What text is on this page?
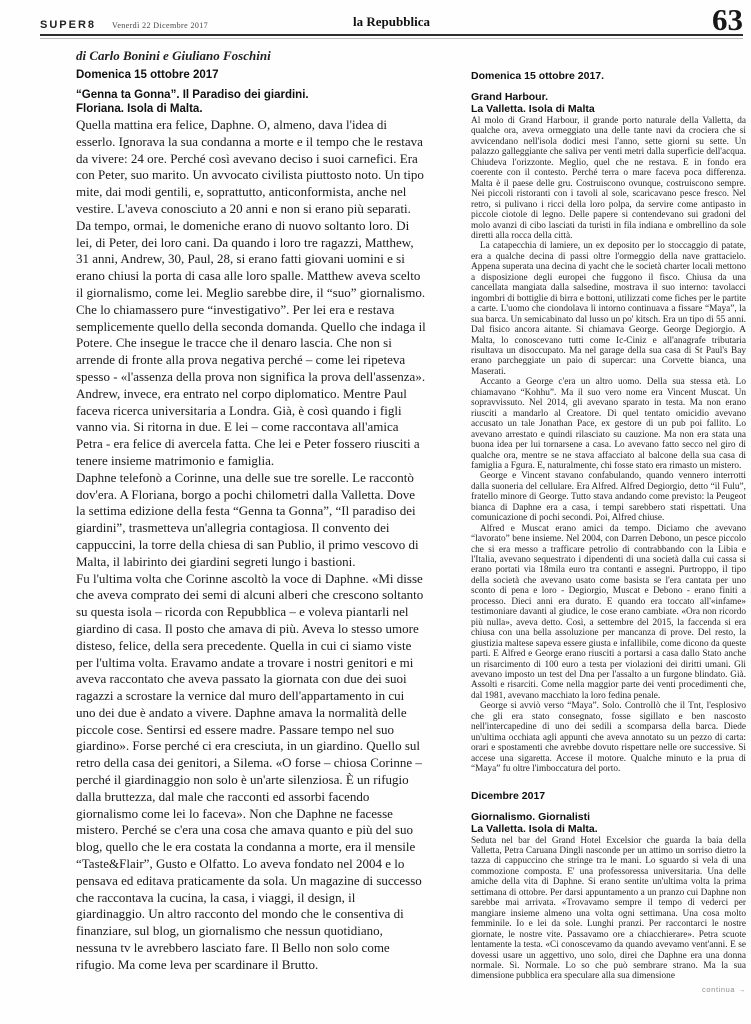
SUPER8 Venerdì 22 Dicembre 2017	la Repubblica	63
di Carlo Bonini e Giuliano Foschini
Domenica 15 ottobre 2017
“Genna ta Gonna”. Il Paradiso dei giardini.
Floriana. Isola di Malta.

Quella mattina era felice, Daphne. O, almeno, dava l'idea di esserlo. Ignorava la sua condanna a morte e il tempo che le restava da vivere: 24 ore. Perché così avevano deciso i suoi carnefici. Era con Peter, suo marito. Un avvocato civilista piuttosto noto. Un tipo mite, dai modi gentili, e, soprattutto, anticonformista, anche nel vestire. L'aveva conosciuto a 20 anni e non si erano più separati. Da tempo, ormai, le domeniche erano di nuovo soltanto loro. Di lei, di Peter, dei loro cani. Da quando i loro tre ragazzi, Matthew, 31 anni, Andrew, 30, Paul, 28, si erano fatti giovani uomini e si erano chiusi la porta di casa alle loro spalle. Matthew aveva scelto il giornalismo, come lei. Meglio sarebbe dire, il “suo” giornalismo. Che lo chiamassero pure “investigativo”. Per lei era e restava semplicemente quello della seconda domanda. Quello che indaga il Potere. Che insegue le tracce che il denaro lascia. Che non si arrende di fronte alla prova negativa perché – come lei ripeteva spesso - «l'assenza della prova non significa la prova dell'assenza». Andrew, invece, era entrato nel corpo diplomatico. Mentre Paul faceva ricerca universitaria a Londra. Già, è così quando i figli vanno via. Si ritorna in due. E lei – come raccontava all'amica Petra - era felice di avercela fatta. Che lei e Peter fossero riusciti a tenere insieme matrimonio e famiglia.

Daphne telefonò a Corinne, una delle sue tre sorelle. Le raccontò dov'era. A Floriana, borgo a pochi chilometri dalla Valletta. Dove la settima edizione della festa “Genna ta Gonna”, “Il paradiso dei giardini”, trasmetteva un'allegria contagiosa. Il convento dei cappuccini, la torre della chiesa di san Publio, il primo vescovo di Malta, il labirinto dei giardini segreti lungo i bastioni.

Fu l'ultima volta che Corinne ascoltò la voce di Daphne. «Mi disse che aveva comprato dei semi di alcuni alberi che crescono soltanto su questa isola – ricorda con Repubblica – e voleva piantarli nel giardino di casa. Il posto che amava di più. Aveva lo stesso umore disteso, felice, della sera precedente. Quella in cui ci siamo viste per l'ultima volta. Eravamo andate a trovare i nostri genitori e mi aveva raccontato che aveva passato la giornata con due dei suoi ragazzi a scrostare la vernice dal muro dell'appartamento in cui uno dei due è andato a vivere. Daphne amava la normalità delle piccole cose. Sentirsi ed essere madre. Passare tempo nel suo giardino». Forse perché ci era cresciuta, in un giardino. Quello sul retro della casa dei genitori, a Silema. «O forse – chiosa Corinne – perché il giardinaggio non solo è un'arte silenziosa. È un rifugio dalla bruttezza, dal male che racconti ed assorbi facendo giornalismo come lei lo faceva». Non che Daphne ne facesse mistero. Perché se c'era una cosa che amava quanto e più del suo blog, quello che le era costata la condanna a morte, era il mensile “Taste&Flair”, Gusto e Olfatto. Lo aveva fondato nel 2004 e lo pensava ed editava praticamente da sola. Un magazine di successo che raccontava la cucina, la casa, i viaggi, il design, il giardinaggio. Un altro racconto del mondo che le consentiva di finanziare, sul blog, un giornalismo che nessun quotidiano, nessuna tv le avrebbero lasciato fare. Il Bello non solo come rifugio. Ma come leva per scardinare il Brutto.

Domenica 15 ottobre 2017.
Grand Harbour.
La Valletta. Isola di Malta

Al molo di Grand Harbour, il grande porto naturale della Valletta, da qualche ora, aveva ormeggiato una delle tante navi da crociera che si avvicendano nell'isola dodici mesi l'anno, sette giorni su sette. Un palazzo galleggiante che saliva per venti metri dalla superficie dell'acqua. Chiudeva l'orizzonte. Meglio, quel che ne restava. E in fondo era coerente con il contesto. Perché terra o mare faceva poca differenza. Malta è il paese delle gru. Costruiscono ovunque, costruiscono sempre. Nei piccoli ristoranti con i tavoli al sole, scaricavano pesce fresco. Nel retro, si pulivano i ricci della loro polpa, da servire come antipasto in piccole ciotole di legno. Delle papere si contendevano sui gradoni del molo avanzi di cibo lasciati da turisti in fila indiana e ombrellino da sole diretti alla rocca della città.

La catapecchia di lamiere, un ex deposito per lo stoccaggio di patate, era a qualche decina di passi oltre l'ormeggio della nave grattacielo. Appena superata una decina di yacht che le società charter locali mettono a disposizione degli europei che fuggono il fisco. Chiusa da una cancellata mangiata dalla salsedine, mostrava il suo interno: tavolacci ingombri di bottiglie di birra e bottoni, utilizzati come fiches per le partite a carte. L'uomo che ciondolava lì intorno continuava a fissare “Maya”, la sua barca. Un semicabinato dal lusso un po' kitsch. Era un tipo di 55 anni. Dal fisico ancora aitante. Si chiamava George. George Degiorgio. A Malta, lo conoscevano tutti come Ic-Ciniz e all'anagrafe tributaria risultava un disoccupato. Ma nel garage della sua casa di St Paul's Bay erano parcheggiate un paio di supercar: una Corvette bianca, una Maserati.

Accanto a George c'era un altro uomo. Della sua stessa età. Lo chiamavano “Kohhu”. Ma il suo vero nome era Vincent Muscat. Un sopravvissuto. Nel 2014, gli avevano sparato in testa. Ma non erano riusciti a mandarlo al Creatore. Di quel tentato omicidio avevano accusato un tale Jonathan Pace, ex gestore di un pub poi fallito. Lo avevano arrestato e quindi rilasciato su cauzione. Ma non era stata una buona idea per lui tornarsene a casa. Lo avevano fatto secco nel giro di qualche ora, mentre se ne stava affacciato al balcone della sua casa di famiglia a Fgura. E, naturalmente, chi fosse stato era rimasto un mistero.

George e Vincent stavano confabulando, quando vennero interrotti dalla suoneria del cellulare. Era Alfred. Alfred Degiorgio, detto “il Fulu”, fratello minore di George. Tutto stava andando come previsto: la Peugeot bianca di Daphne era a casa, i tempi sarebbero stati rispettati. Una comunicazione di pochi secondi. Poi, Alfred chiuse.

Alfred e Muscat erano amici da tempo. Diciamo che avevano “lavorato” bene insieme. Nel 2004, con Darren Debono, un pesce piccolo che si era messo a trafficare petrolio di contrabbando con la Libia e l'Italia, avevano sequestrato i dipendenti di una società dalla cui cassa si erano portati via 18mila euro tra contanti e assegni. Purtroppo, il tipo della società che avevano usato come basista se l'era cantata per uno sconto di pena e loro - Degiorgio, Muscat e Debono - erano finiti a processo. Dieci anni era durato. E quando era toccato all'«infame» testimoniare davanti al giudice, le cose erano cambiate. «Ora non ricordo più nulla», aveva detto. Così, a settembre del 2015, la faccenda si era chiusa con una bella assoluzione per mancanza di prove. Del resto, la giustizia maltese sapeva essere giusta e infallibile, come dicono da queste parti. E Alfred e George erano riusciti a portarsi a casa dallo Stato anche un risarcimento di 100 euro a testa per violazioni dei diritti umani. Gli avevano imposto un test del Dna per l'assalto a un furgone blindato. Già. Assolti e risarciti. Come nella maggior parte dei venti procedimenti che, dal 1981, avevano macchiato la loro fedina penale.

George si avviò verso “Maya”. Solo. Controllò che il Tnt, l'esplosivo che gli era stato consegnato, fosse sigillato e ben nascosto nell'intercapedine di uno dei sedili a scomparsa della barca. Diede un'ultima occhiata agli appunti che aveva annotato su un pezzo di carta: orari e spostamenti che avrebbe dovuto rispettare nelle ore successive. Si accese una sigaretta. Accese il motore. Qualche minuto e la prua di “Maya” fu oltre l'imboccatura del porto.

Dicembre 2017
Giornalismo. Giornalisti
La Valletta. Isola di Malta.

Seduta nel bar del Grand Hotel Excelsior che guarda la baia della Valletta, Petra Caruana Dingli nasconde per un attimo un sorriso dietro la tazza di cappuccino che stringe tra le mani. Lo sguardo si vela di una commozione composta. E' una professoressa universitaria. Una delle amiche della vita di Daphne. Si erano sentite un'ultima volta la prima settimana di ottobre. Per darsi appuntamento a un pranzo cui Daphne non sarebbe mai arrivata. «Trovavamo sempre il tempo di vederci per mangiare insieme almeno una volta ogni settimana. Una cosa molto femminile. Io e lei da sole. Lunghi pranzi. Per raccontarci le nostre giornate, le nostre vite. Passavamo ore a chiacchierare». Petra scuote lentamente la testa. «Ci conoscevamo da quando avevamo vent'anni. E se dovessi usare un aggettivo, uno solo, direi che Daphne era una donna normale. Sì. Normale. Lo so che può sembrare strano. Ma la sua dimensione pubblica era speculare alla sua dimensione

continua →
